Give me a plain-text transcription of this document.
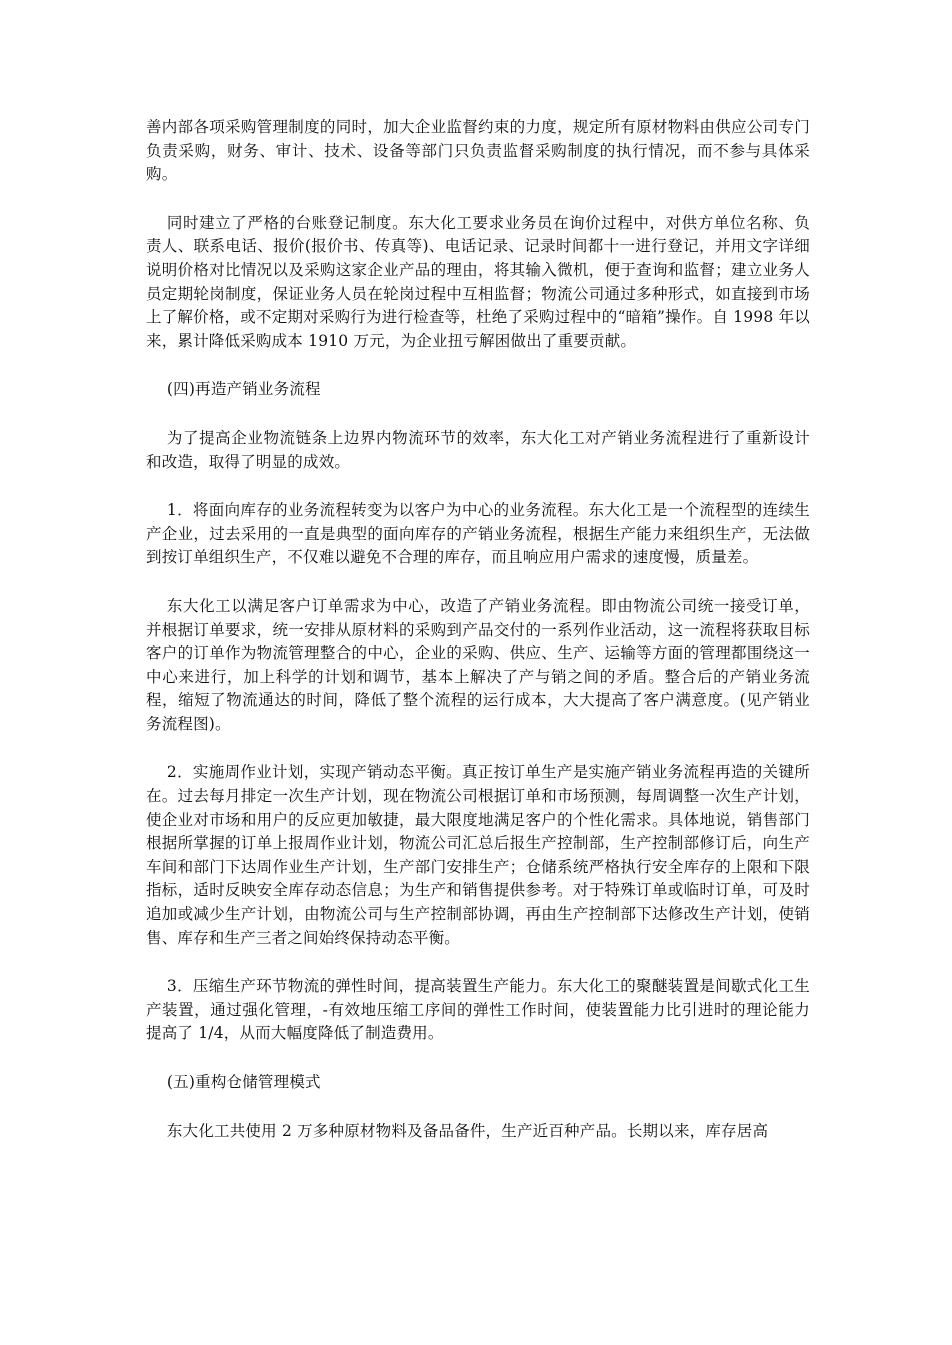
善内部各项采购管理制度的同时，加大企业监督约束的力度，规定所有原材物料由供应公司专门负责采购，财务、审计、技术、设备等部门只负责监督采购制度的执行情况，而不参与具体采购。

同时建立了严格的台账登记制度。东大化工要求业务员在询价过程中，对供方单位名称、负责人、联系电话、报价(报价书、传真等)、电话记录、记录时间都十一进行登记，并用文字详细说明价格对比情况以及采购这家企业产品的理由，将其输入微机，便于查询和监督；建立业务人员定期轮岗制度，保证业务人员在轮岗过程中互相监督；物流公司通过多种形式，如直接到市场上了解价格，或不定期对采购行为进行检查等，杜绝了采购过程中的“暗箱”操作。自 1998 年以来，累计降低采购成本 1910 万元，为企业扭亏解困做出了重要贡献。

(四)再造产销业务流程

为了提高企业物流链条上边界内物流环节的效率，东大化工对产销业务流程进行了重新设计和改造，取得了明显的成效。

1．将面向库存的业务流程转变为以客户为中心的业务流程。东大化工是一个流程型的连续生产企业，过去采用的一直是典型的面向库存的产销业务流程，根据生产能力来组织生产，无法做到按订单组织生产，不仅难以避免不合理的库存，而且响应用户需求的速度慢，质量差。

东大化工以满足客户订单需求为中心，改造了产销业务流程。即由物流公司统一接受订单，并根据订单要求，统一安排从原材料的采购到产品交付的一系列作业活动，这一流程将获取目标客户的订单作为物流管理整合的中心，企业的采购、供应、生产、运输等方面的管理都围绕这一中心来进行，加上科学的计划和调节，基本上解决了产与销之间的矛盾。整合后的产销业务流程，缩短了物流通达的时间，降低了整个流程的运行成本，大大提高了客户满意度。(见产销业务流程图)。

2．实施周作业计划，实现产销动态平衡。真正按订单生产是实施产销业务流程再造的关键所在。过去每月排定一次生产计划，现在物流公司根据订单和市场预测，每周调整一次生产计划，使企业对市场和用户的反应更加敏捷，最大限度地满足客户的个性化需求。具体地说，销售部门根据所掌握的订单上报周作业计划，物流公司汇总后报生产控制部，生产控制部修订后，向生产车间和部门下达周作业生产计划，生产部门安排生产；仓储系统严格执行安全库存的上限和下限指标，适时反映安全库存动态信息；为生产和销售提供参考。对于特殊订单或临时订单，可及时追加或减少生产计划，由物流公司与生产控制部协调，再由生产控制部下达修改生产计划，使销售、库存和生产三者之间始终保持动态平衡。

3．压缩生产环节物流的弹性时间，提高装置生产能力。东大化工的聚醚装置是间歇式化工生产装置，通过强化管理，-有效地压缩工序间的弹性工作时间，使装置能力比引进时的理论能力提高了 1/4，从而大幅度降低了制造费用。

(五)重构仓储管理模式

东大化工共使用 2 万多种原材物料及备品备件，生产近百种产品。长期以来，库存居高
